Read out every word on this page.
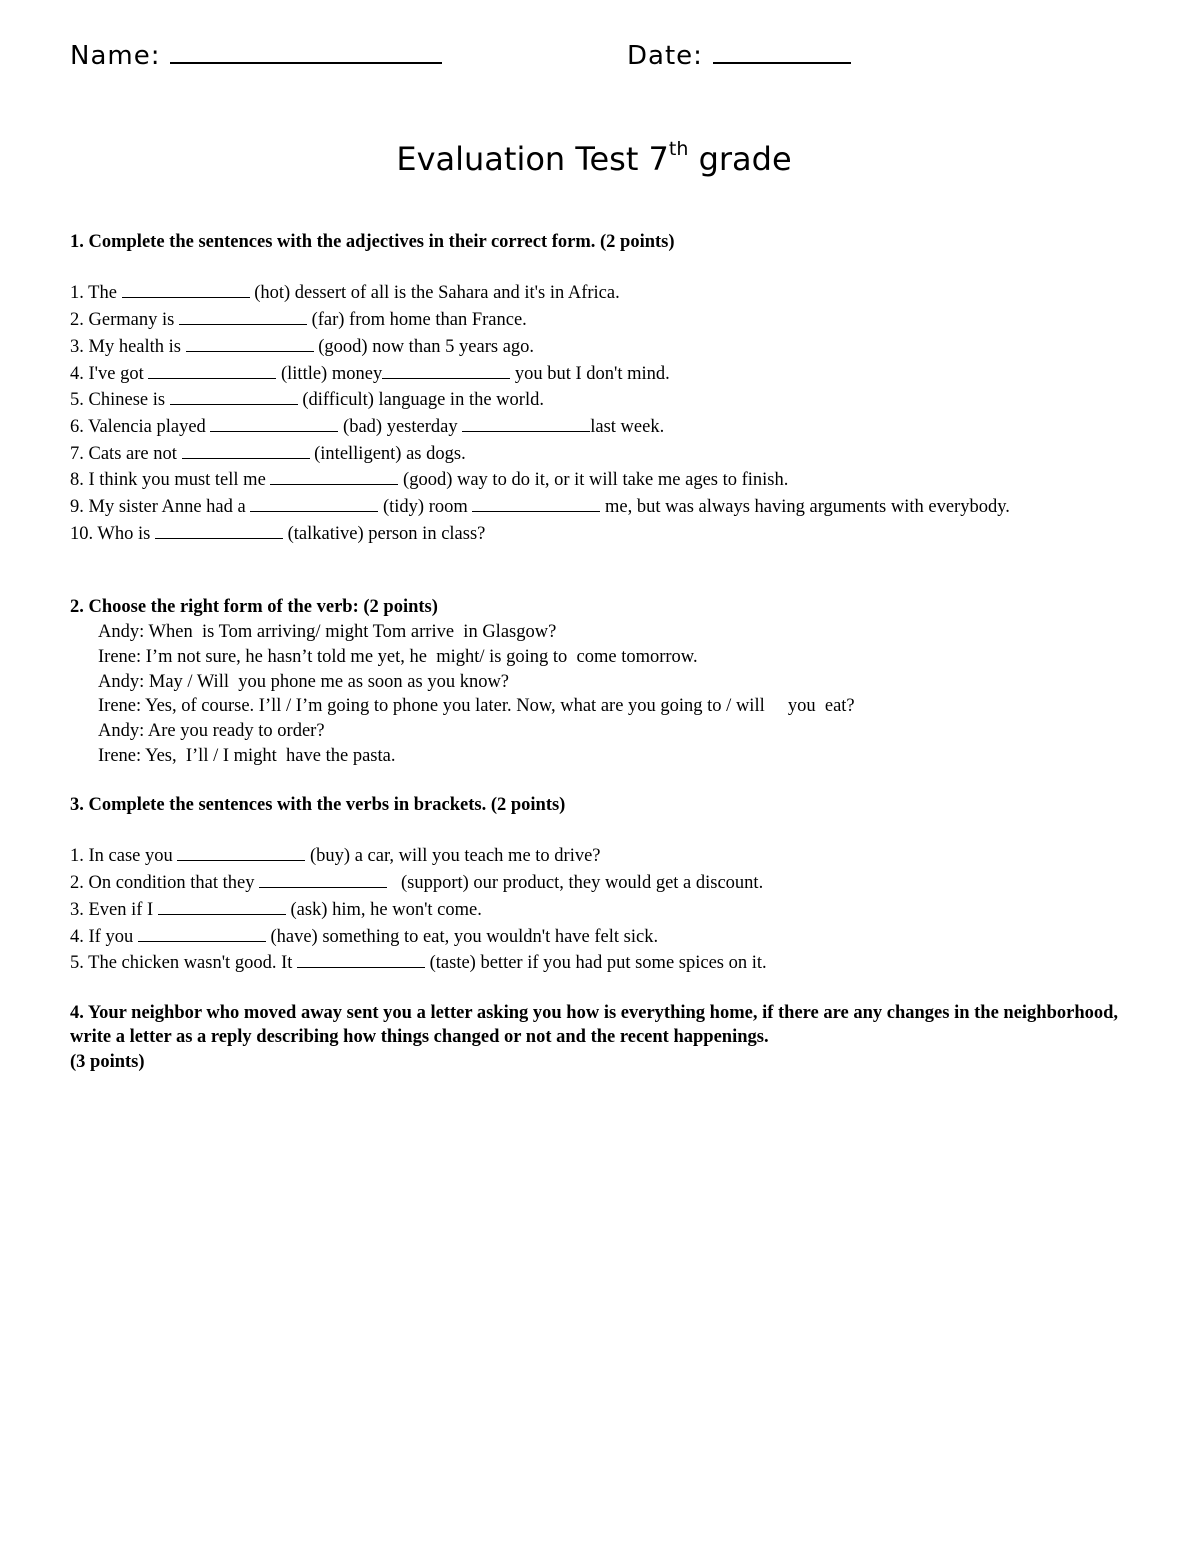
Name:	Date:
Evaluation Test 7th grade

1. Complete the sentences with the adjectives in their correct form. (2 points)

1. The	(hot) dessert of all is the Sahara and it's in Africa.
2. Germany is	(far) from home than France.
3. My health is	(good) now than 5 years ago.
4. I've got	(little) money	you but I don't mind.
5. Chinese is	(difficult) language in the world.
6. Valencia played	(bad) yesterday	last week.
7. Cats are not	(intelligent) as dogs.
8. I think you must tell me	(good) way to do it, or it will take me ages to finish.
9. My sister Anne had a	(tidy) room	me, but was always having arguments with everybody.
10. Who is	(talkative) person in class?

2. Choose the right form of the verb: (2 points)

Andy: When  is Tom arriving/ might Tom arrive  in Glasgow?
Irene: I’m not sure, he hasn’t told me yet, he  might/ is going to  come tomorrow.
Andy: May / Will  you phone me as soon as you know?
Irene: Yes, of course. I’ll / I’m going to phone you later. Now, what are you going to / will     you  eat?
Andy: Are you ready to order?
Irene: Yes,  I’ll / I might  have the pasta.

3. Complete the sentences with the verbs in brackets. (2 points)

1. In case you	(buy) a car, will you teach me to drive?
2. On condition that they	(support) our product, they would get a discount.
3. Even if I	(ask) him, he won't come.
4. If you	(have) something to eat, you wouldn't have felt sick.
5. The chicken wasn't good. It	(taste) better if you had put some spices on it.

4. Your neighbor who moved away sent you a letter asking you how is everything home, if there are any changes in the neighborhood, write a letter as a reply describing how things changed or not and the recent happenings.

(3 points)
